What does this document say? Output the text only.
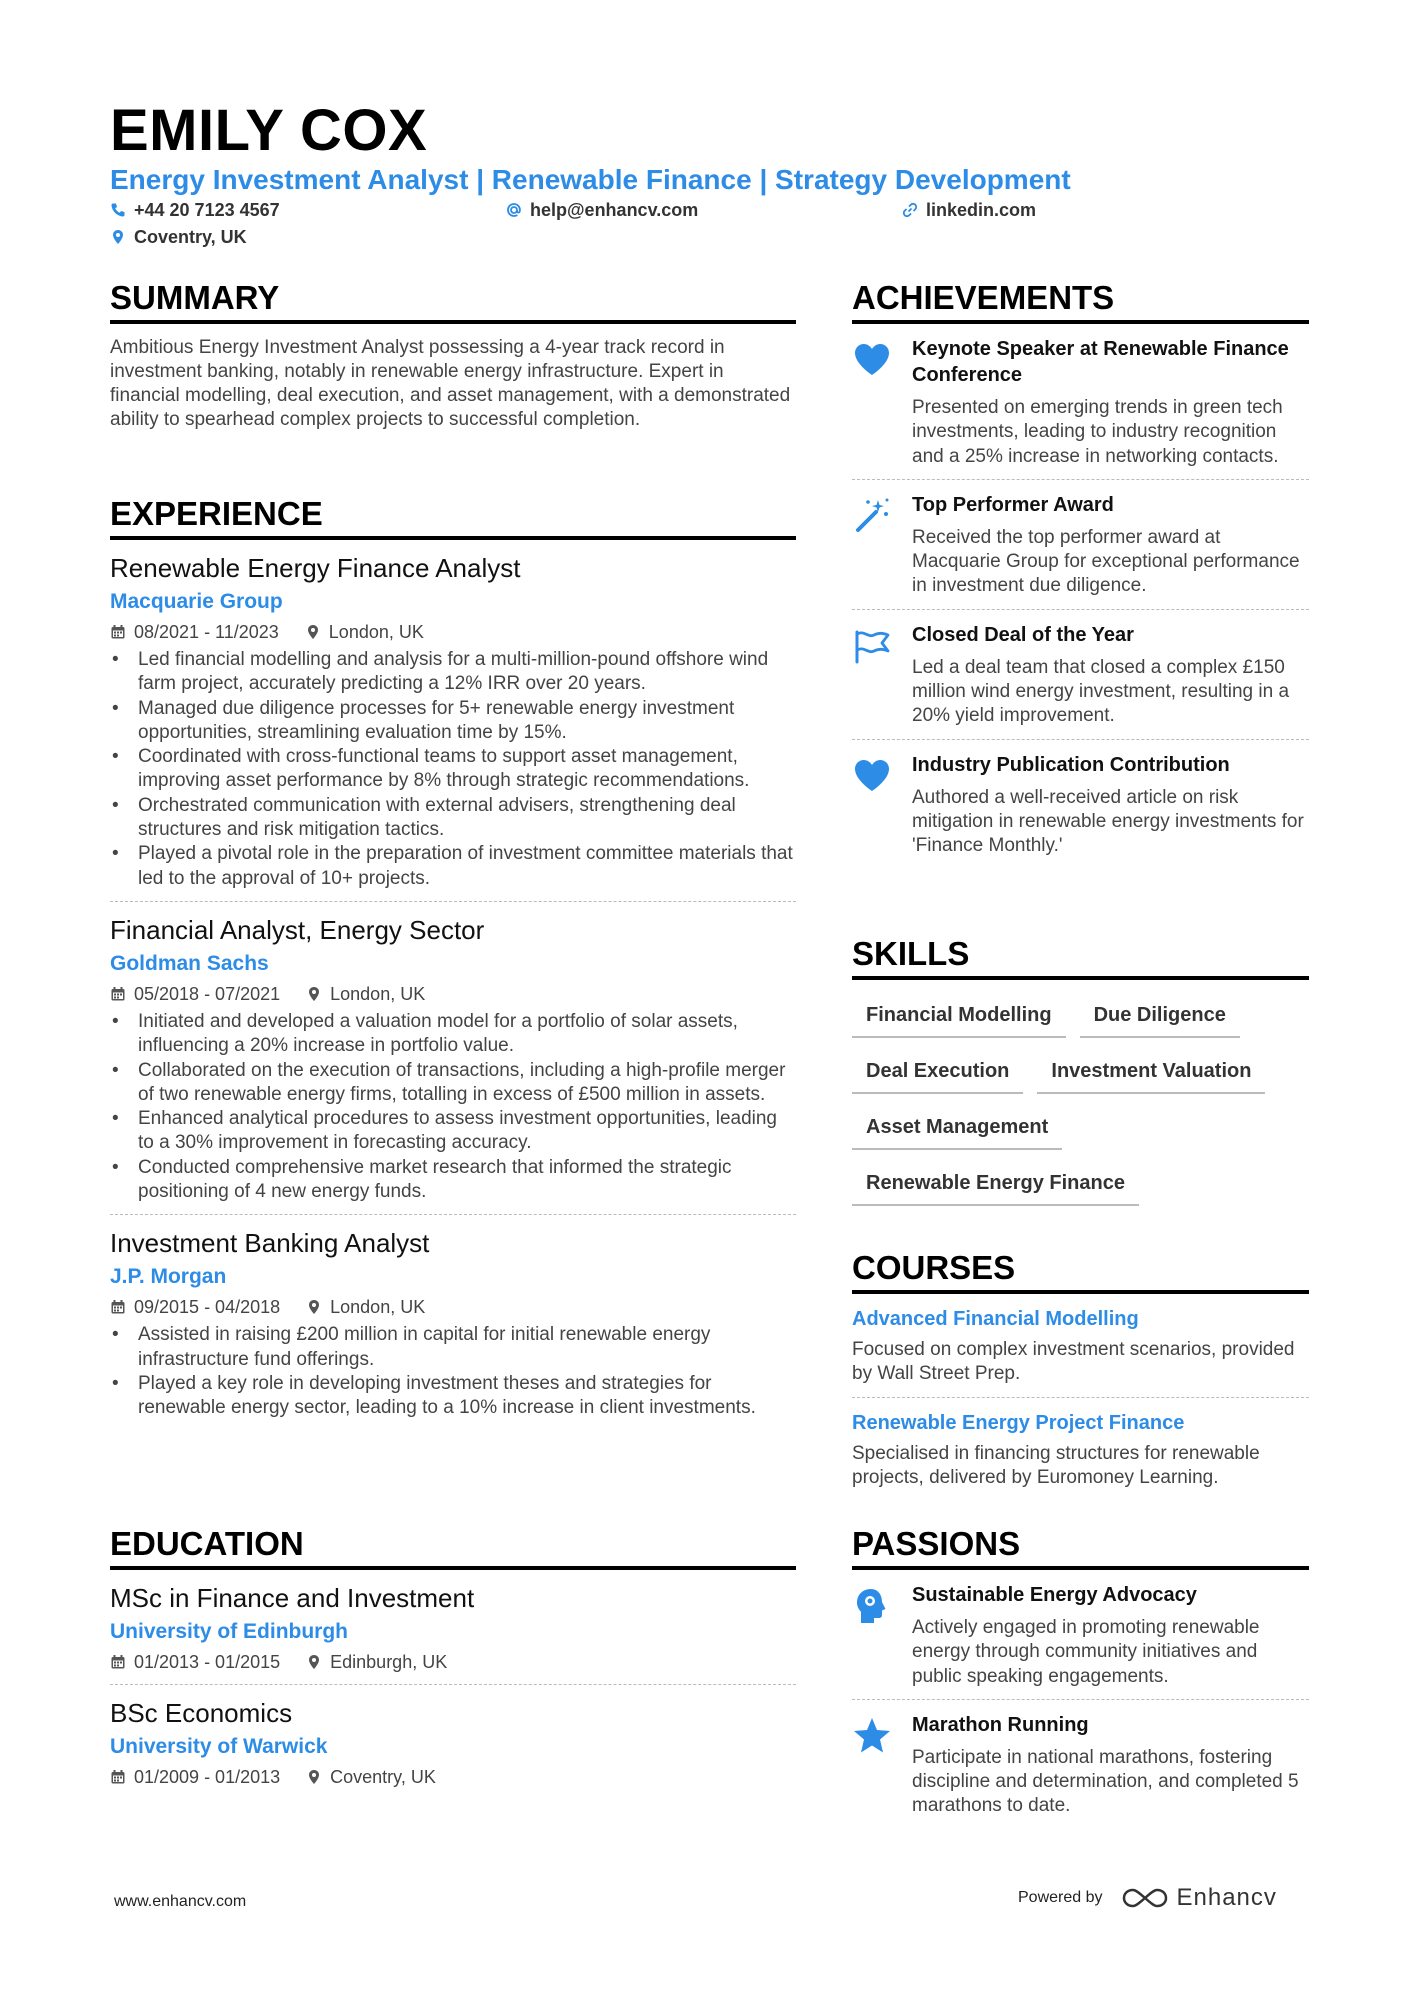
EMILY COX
Energy Investment Analyst | Renewable Finance | Strategy Development
+44 20 7123 4567	help@enhancv.com	linkedin.com
Coventry, UK
SUMMARY

Ambitious Energy Investment Analyst possessing a 4-year track record in investment banking, notably in renewable energy infrastructure. Expert in financial modelling, deal execution, and asset management, with a demonstrated ability to spearhead complex projects to successful completion.

EXPERIENCE
Renewable Energy Finance Analyst
Macquarie Group
08/2021 - 11/2023	London, UK
• Led financial modelling and analysis for a multi-million-pound offshore wind farm project, accurately predicting a 12% IRR over 20 years.
• Managed due diligence processes for 5+ renewable energy investment opportunities, streamlining evaluation time by 15%.
• Coordinated with cross-functional teams to support asset management, improving asset performance by 8% through strategic recommendations.
• Orchestrated communication with external advisers, strengthening deal structures and risk mitigation tactics.
• Played a pivotal role in the preparation of investment committee materials that led to the approval of 10+ projects.
Financial Analyst, Energy Sector
Goldman Sachs
05/2018 - 07/2021	London, UK
• Initiated and developed a valuation model for a portfolio of solar assets, influencing a 20% increase in portfolio value.
• Collaborated on the execution of transactions, including a high-profile merger of two renewable energy firms, totalling in excess of £500 million in assets.
• Enhanced analytical procedures to assess investment opportunities, leading to a 30% improvement in forecasting accuracy.
• Conducted comprehensive market research that informed the strategic positioning of 4 new energy funds.
Investment Banking Analyst
J.P. Morgan
09/2015 - 04/2018	London, UK
• Assisted in raising £200 million in capital for initial renewable energy infrastructure fund offerings.
• Played a key role in developing investment theses and strategies for renewable energy sector, leading to a 10% increase in client investments.
EDUCATION
MSc in Finance and Investment
University of Edinburgh
01/2013 - 01/2015	Edinburgh, UK
BSc Economics
University of Warwick
01/2009 - 01/2013	Coventry, UK
ACHIEVEMENTS
Keynote Speaker at Renewable Finance Conference
Presented on emerging trends in green tech investments, leading to industry recognition and a 25% increase in networking contacts.
Top Performer Award
Received the top performer award at Macquarie Group for exceptional performance in investment due diligence.
Closed Deal of the Year
Led a deal team that closed a complex £150 million wind energy investment, resulting in a 20% yield improvement.
Industry Publication Contribution
Authored a well-received article on risk mitigation in renewable energy investments for 'Finance Monthly.'
SKILLS
Financial Modelling	Due Diligence
Deal Execution	Investment Valuation
Asset Management
Renewable Energy Finance
COURSES
Advanced Financial Modelling
Focused on complex investment scenarios, provided by Wall Street Prep.
Renewable Energy Project Finance
Specialised in financing structures for renewable projects, delivered by Euromoney Learning.
PASSIONS
Sustainable Energy Advocacy
Actively engaged in promoting renewable energy through community initiatives and public speaking engagements.
Marathon Running
Participate in national marathons, fostering discipline and determination, and completed 5 marathons to date.
www.enhancv.com	Powered by	Enhancv
